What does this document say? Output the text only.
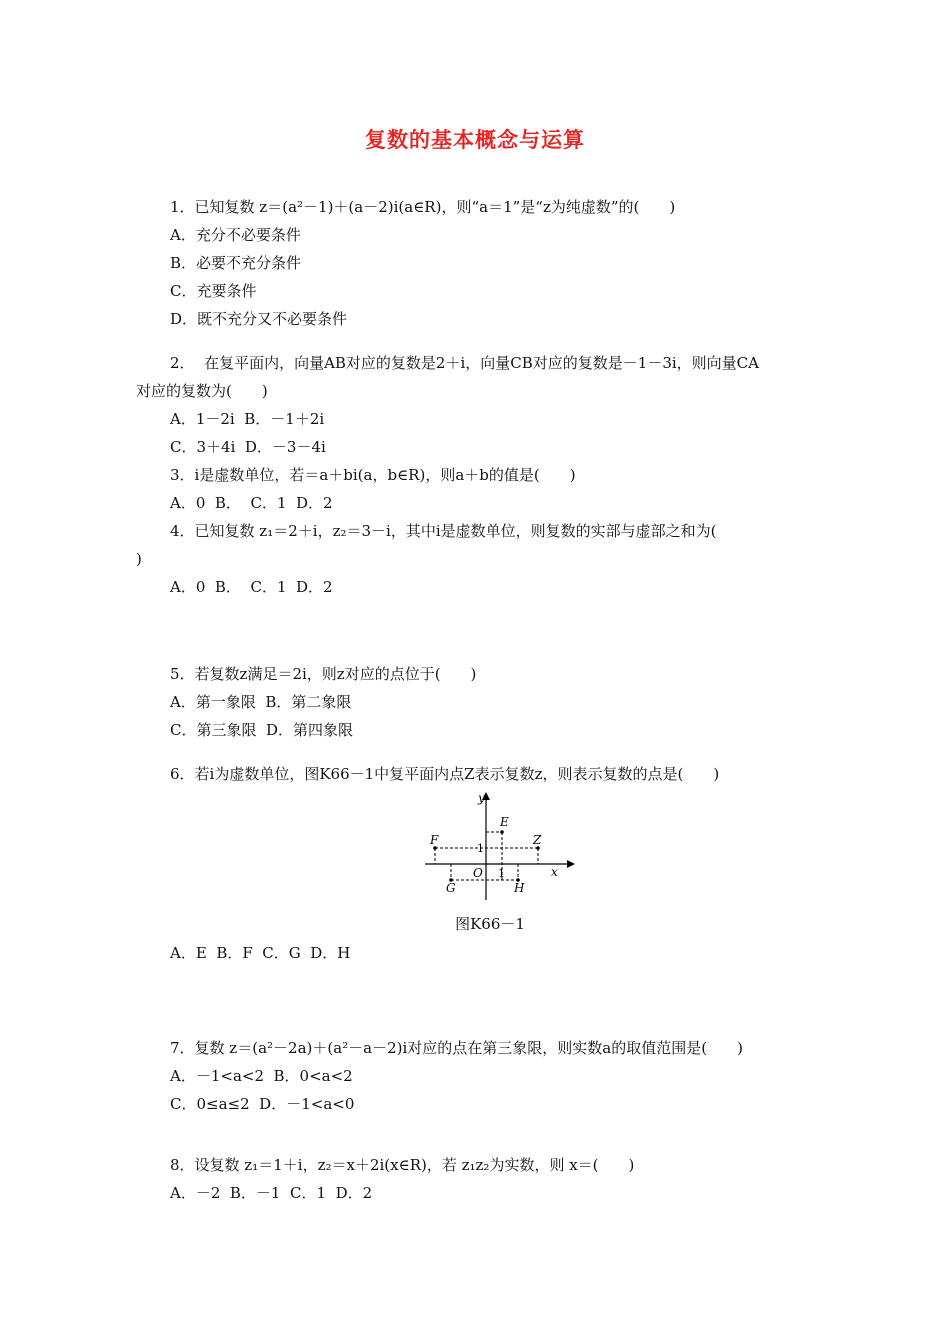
复数的基本概念与运算
1．已知复数 z＝(a²－1)＋(a－2)i(a∈R)，则“a＝1”是“z为纯虚数”的(　　)
A．充分不必要条件
B．必要不充分条件
C．充要条件
D．既不充分又不必要条件
2．  在复平面内，向量AB对应的复数是2＋i，向量CB对应的复数是－1－3i，则向量CA
对应的复数为(　　)
A．1－2i  B．－1＋2i
C．3＋4i  D．－3－4i
3．i是虚数单位，若＝a＋bi(a，b∈R)，则a＋b的值是(　　)
A．0  B．  C．1  D．2
4．已知复数 z₁＝2＋i，z₂＝3－i，其中i是虚数单位，则复数的实部与虚部之和为(
)
A．0  B．  C．1  D．2
5．若复数z满足＝2i，则z对应的点位于(　　)
A．第一象限  B．第二象限
C．第三象限  D．第四象限
6．若i为虚数单位，图K66－1中复平面内点Z表示复数z，则表示复数的点是(　　)
y
x
O 1
1
E
F	Z
G	H
图K66－1
A．E  B．F  C．G  D．H
7．复数 z＝(a²－2a)＋(a²－a－2)i对应的点在第三象限，则实数a的取值范围是(　　)
A．－1<a<2  B．0<a<2
C．0≤a≤2  D．－1<a<0
8．设复数 z₁＝1＋i，z₂＝x＋2i(x∈R)，若 z₁z₂为实数，则 x＝(　　)
A．－2  B．－1  C．1  D．2
